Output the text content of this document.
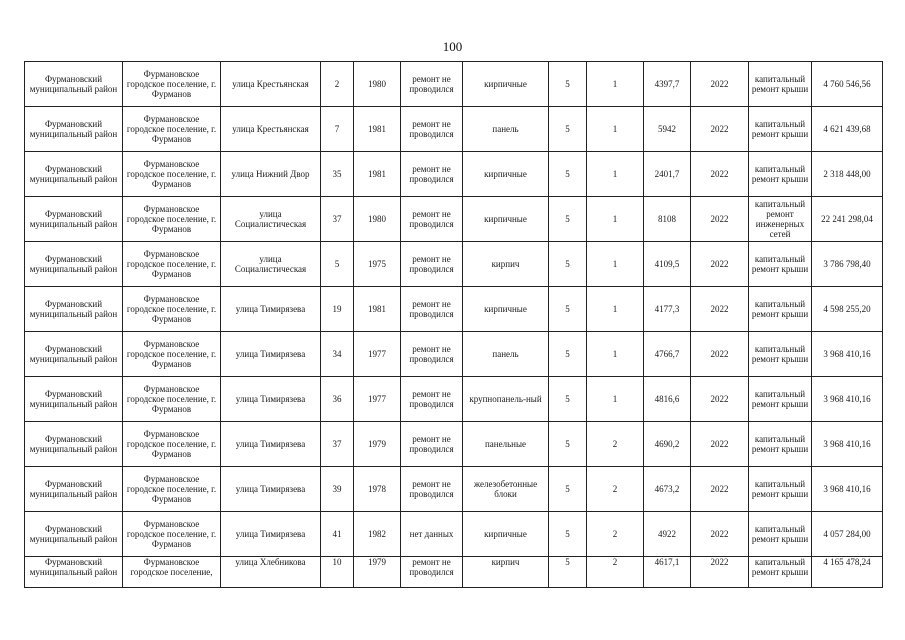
100
Фурмановский муниципальный район	Фурмановское городское поселение, г. Фурманов	улица Крестьянская	2	1980	ремонт не проводился	кирпичные	5	1	4397,7	2022	капитальный ремонт крыши	4 760 546,56
Фурмановский муниципальный район	Фурмановское городское поселение, г. Фурманов	улица Крестьянская	7	1981	ремонт не проводился	панель	5	1	5942	2022	капитальный ремонт крыши	4 621 439,68
Фурмановский муниципальный район	Фурмановское городское поселение, г. Фурманов	улица Нижний Двор	35	1981	ремонт не проводился	кирпичные	5	1	2401,7	2022	капитальный ремонт крыши	2 318 448,00
Фурмановский муниципальный район	Фурмановское городское поселение, г. Фурманов	улица Социалистическая	37	1980	ремонт не проводился	кирпичные	5	1	8108	2022	капитальный ремонт инженерных сетей	22 241 298,04
Фурмановский муниципальный район	Фурмановское городское поселение, г. Фурманов	улица Социалистическая	5	1975	ремонт не проводился	кирпич	5	1	4109,5	2022	капитальный ремонт крыши	3 786 798,40
Фурмановский муниципальный район	Фурмановское городское поселение, г. Фурманов	улица Тимирязева	19	1981	ремонт не проводился	кирпичные	5	1	4177,3	2022	капитальный ремонт крыши	4 598 255,20
Фурмановский муниципальный район	Фурмановское городское поселение, г. Фурманов	улица Тимирязева	34	1977	ремонт не проводился	панель	5	1	4766,7	2022	капитальный ремонт крыши	3 968 410,16
Фурмановский муниципальный район	Фурмановское городское поселение, г. Фурманов	улица Тимирязева	36	1977	ремонт не проводился	крупнопанель-ный	5	1	4816,6	2022	капитальный ремонт крыши	3 968 410,16
Фурмановский муниципальный район	Фурмановское городское поселение, г. Фурманов	улица Тимирязева	37	1979	ремонт не проводился	панельные	5	2	4690,2	2022	капитальный ремонт крыши	3 968 410,16
Фурмановский муниципальный район	Фурмановское городское поселение, г. Фурманов	улица Тимирязева	39	1978	ремонт не проводился	железобетонные блоки	5	2	4673,2	2022	капитальный ремонт крыши	3 968 410,16
Фурмановский муниципальный район	Фурмановское городское поселение, г. Фурманов	улица Тимирязева	41	1982	нет данных	кирпичные	5	2	4922	2022	капитальный ремонт крыши	4 057 284,00
Фурмановский муниципальный район	Фурмановское городское поселение,	улица Хлебникова	10	1979	ремонт не проводился	кирпич	5	2	4617,1	2022	капитальный ремонт крыши	4 165 478,24
